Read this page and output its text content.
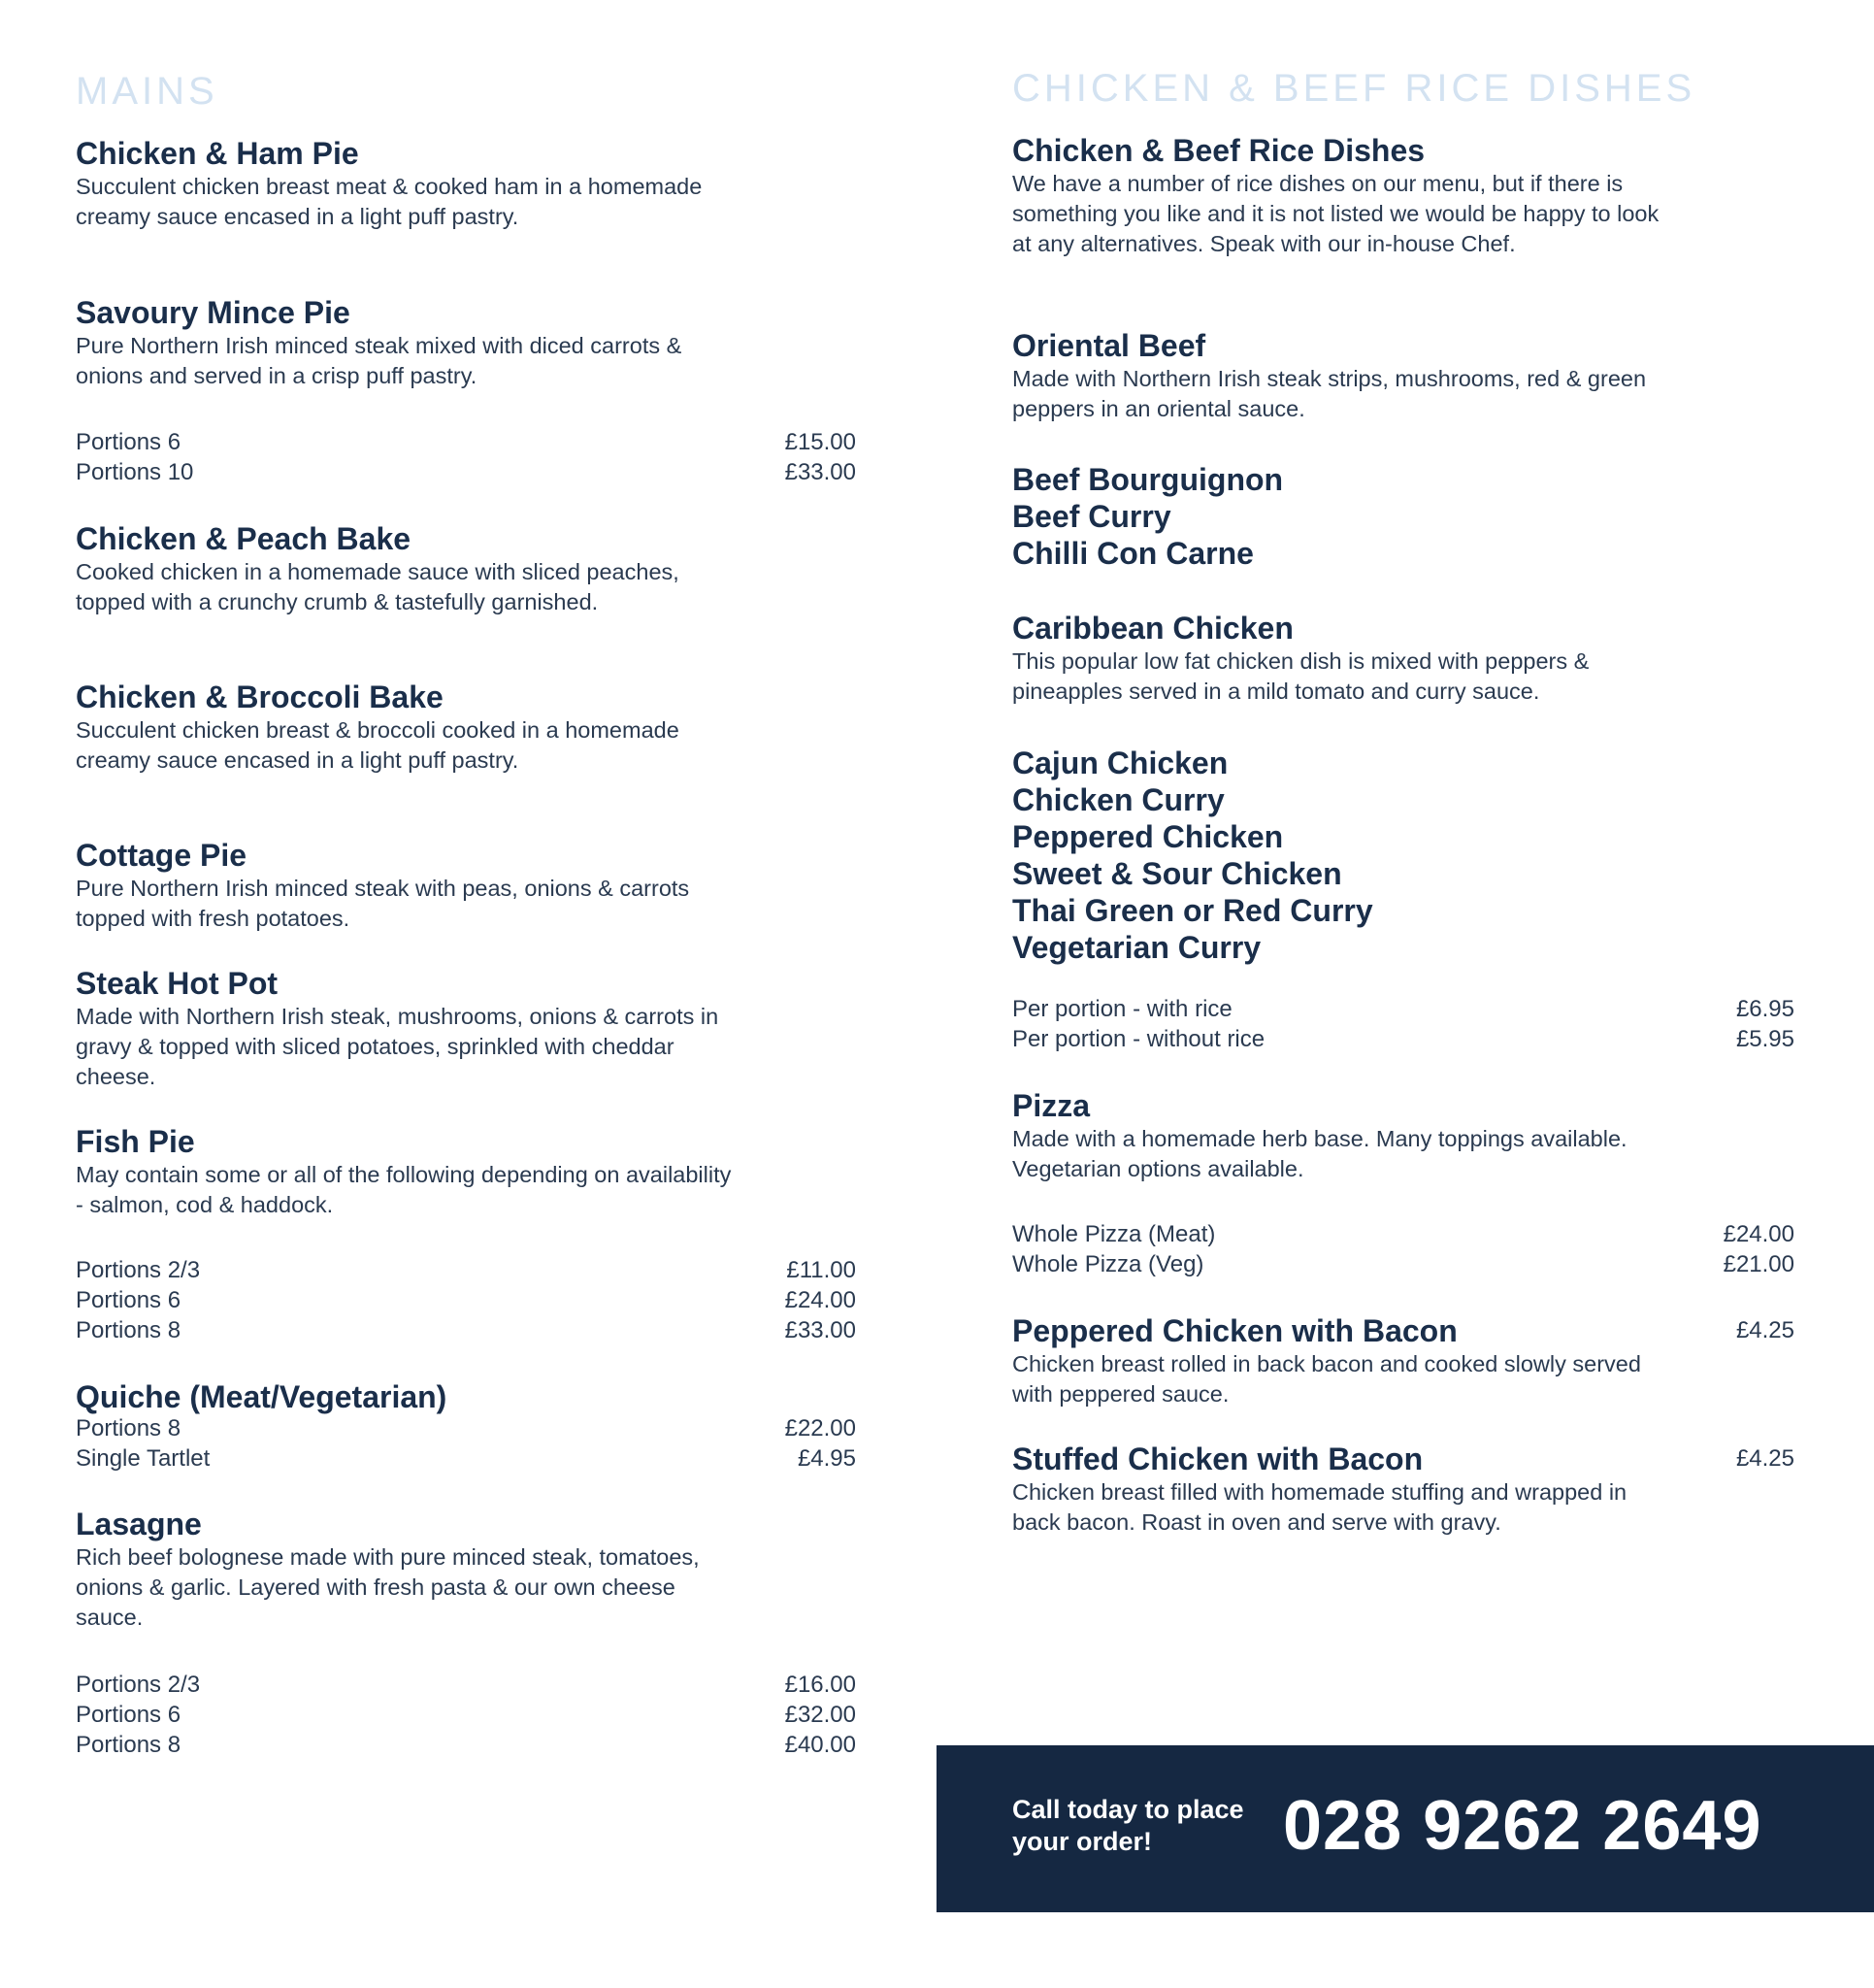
MAINS

Chicken & Ham Pie

Succulent chicken breast meat & cooked ham in a homemade creamy sauce encased in a light puff pastry.

Savoury Mince Pie

Pure Northern Irish minced steak mixed with diced carrots & onions and served in a crisp puff pastry.

Portions 6	£15.00
Portions 10	£33.00

Chicken & Peach Bake

Cooked chicken in a homemade sauce with sliced peaches, topped with a crunchy crumb & tastefully garnished.

Chicken & Broccoli Bake

Succulent chicken breast & broccoli cooked in a homemade creamy sauce encased in a light puff pastry.

Cottage Pie

Pure Northern Irish minced steak with peas, onions & carrots topped with fresh potatoes.

Steak Hot Pot

Made with Northern Irish steak, mushrooms, onions & carrots in gravy & topped with sliced potatoes, sprinkled with cheddar cheese.

Fish Pie

May contain some or all of the following depending on availability - salmon, cod & haddock.

Portions 2/3	£11.00
Portions 6	£24.00
Portions 8	£33.00

Quiche (Meat/Vegetarian)

Portions 8	£22.00
Single Tartlet	£4.95

Lasagne

Rich beef bolognese made with pure minced steak, tomatoes, onions & garlic. Layered with fresh pasta & our own cheese sauce.

Portions 2/3	£16.00
Portions 6	£32.00
Portions 8	£40.00
CHICKEN & BEEF RICE DISHES

Chicken & Beef Rice Dishes

We have a number of rice dishes on our menu, but if there is something you like and it is not listed we would be happy to look at any alternatives. Speak with our in-house Chef.

Oriental Beef

Made with Northern Irish steak strips, mushrooms, red & green peppers in an oriental sauce.

Beef Bourguignon

Beef Curry

Chilli Con Carne

Caribbean Chicken

This popular low fat chicken dish is mixed with peppers & pineapples served in a mild tomato and curry sauce.

Cajun Chicken

Chicken Curry

Peppered Chicken

Sweet & Sour Chicken

Thai Green or Red Curry

Vegetarian Curry

Per portion - with rice	£6.95
Per portion - without rice	£5.95

Pizza

Made with a homemade herb base. Many toppings available. Vegetarian options available.

Whole Pizza (Meat)	£24.00
Whole Pizza (Veg)	£21.00

Peppered Chicken with Bacon	£4.25

Chicken breast rolled in back bacon and cooked slowly served with peppered sauce.

Stuffed Chicken with Bacon	£4.25

Chicken breast filled with homemade stuffing and wrapped in back bacon. Roast in oven and serve with gravy.

Call today to place your order!	028 9262 2649
